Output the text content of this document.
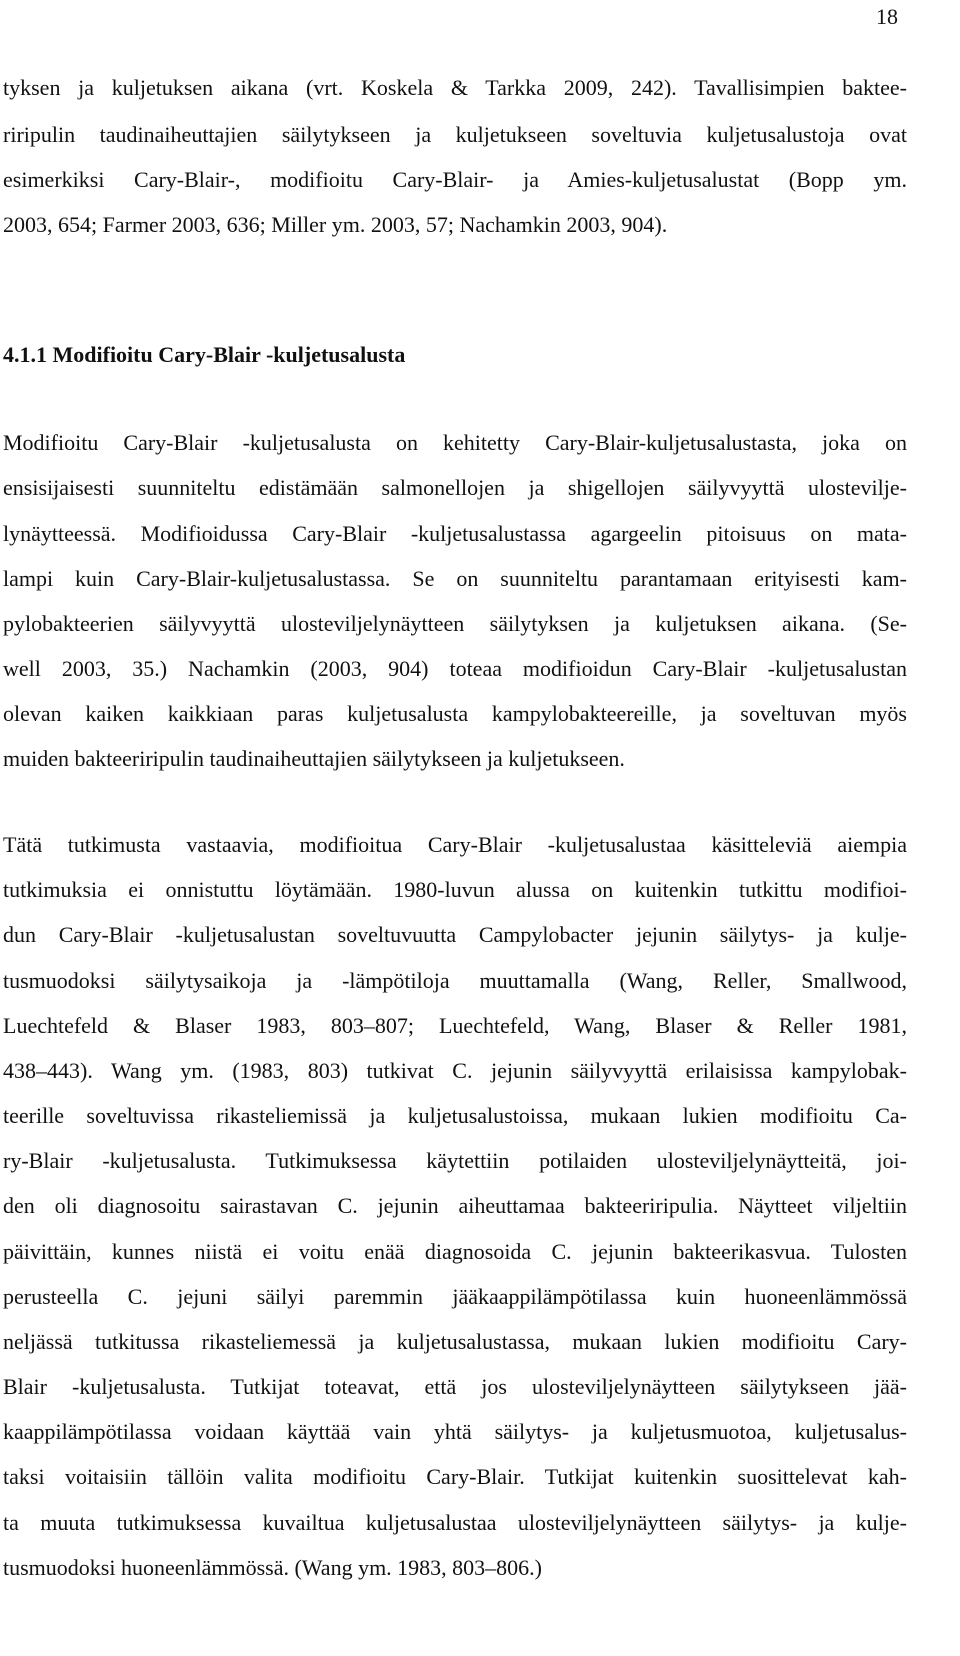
18
tyksen ja kuljetuksen aikana (vrt. Koskela & Tarkka 2009, 242). Tavallisimpien baktee-
riripulin taudinaiheuttajien säilytykseen ja kuljetukseen soveltuvia kuljetusalustoja ovat
esimerkiksi Cary-Blair-, modifioitu Cary-Blair- ja Amies-kuljetusalustat (Bopp ym.
2003, 654; Farmer 2003, 636; Miller ym. 2003, 57; Nachamkin 2003, 904).
4.1.1 Modifioitu Cary-Blair -kuljetusalusta
Modifioitu Cary-Blair -kuljetusalusta on kehitetty Cary-Blair-kuljetusalustasta, joka on
ensisijaisesti suunniteltu edistämään salmonellojen ja shigellojen säilyvyyttä ulosteviljе-
lynäytteessä. Modifioidussa Cary-Blair -kuljetusalustassa agargeelin pitoisuus on mata-
lampi kuin Cary-Blair-kuljetusalustassa. Se on suunniteltu parantamaan erityisesti kam-
pylobakteerien säilyvyyttä ulosteviljelynäytteen säilytyksen ja kuljetuksen aikana. (Se-
well 2003, 35.) Nachamkin (2003, 904) toteaa modifioidun Cary-Blair -kuljetusalustan
olevan kaiken kaikkiaan paras kuljetusalusta kampylobakteereille, ja soveltuvan myös
muiden bakteeriripulin taudinaiheuttajien säilytykseen ja kuljetukseen.
Tätä tutkimusta vastaavia, modifioitua Cary-Blair -kuljetusalustaa käsitteleviä aiempia
tutkimuksia ei onnistuttu löytämään. 1980-luvun alussa on kuitenkin tutkittu modifioi-
dun Cary-Blair -kuljetusalustan soveltuvuutta Campylobacter jejunin säilytys- ja kulje-
tusmuodoksi säilytysaikoja ja -lämpötiloja muuttamalla (Wang, Reller, Smallwood,
Luechtefeld & Blaser 1983, 803–807; Luechtefeld, Wang, Blaser & Reller 1981,
438–443). Wang ym. (1983, 803) tutkivat C. jejunin säilyvyyttä erilaisissa kampylobak-
teerille soveltuvissa rikasteliemissä ja kuljetusalustoissa, mukaan lukien modifioitu Ca-
ry-Blair -kuljetusalusta. Tutkimuksessa käytettiin potilaiden ulosteviljelynäytteitä, joi-
den oli diagnosoitu sairastavan C. jejunin aiheuttamaa bakteeriripulia. Näytteet viljeltiin
päivittäin, kunnes niistä ei voitu enää diagnosoida C. jejunin bakteerikasvua. Tulosten
perusteella C. jejuni säilyi paremmin jääkaappilämpötilassa kuin huoneenlämmössä
neljässä tutkitussa rikasteliemessä ja kuljetusalustassa, mukaan lukien modifioitu Cary-
Blair -kuljetusalusta. Tutkijat toteavat, että jos ulosteviljelynäytteen säilytykseen jää-
kaappilämpötilassa voidaan käyttää vain yhtä säilytys- ja kuljetusmuotoa, kuljetusalus-
taksi voitaisiin tällöin valita modifioitu Cary-Blair. Tutkijat kuitenkin suosittelevat kah-
ta muuta tutkimuksessa kuvailtua kuljetusalustaa ulosteviljelynäytteen säilytys- ja kulje-
tusmuodoksi huoneenlämmössä. (Wang ym. 1983, 803–806.)
